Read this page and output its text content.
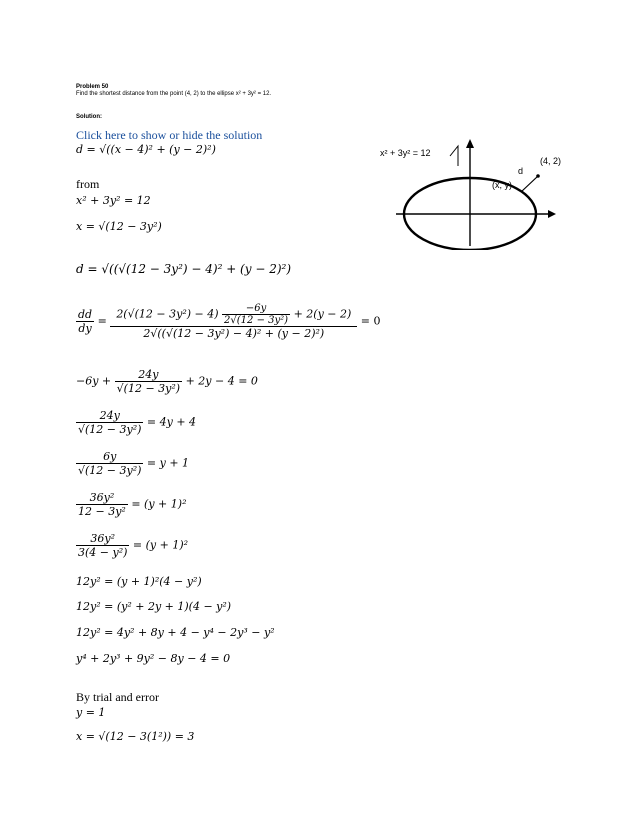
Problem 50
Find the shortest distance from the point (4, 2) to the ellipse x² + 3y² = 12.
Solution:
Click here to show or hide the solution
x² + 3y² = 12
(4, 2)
(x, y)
d
d = √((x − 4)² + (y − 2)²)
from
x² + 3y² = 12
x = √(12 − 3y²)
d = √((√(12 − 3y²) − 4)² + (y − 2)²)
$\frac{dd}{dy} = \frac{2(√(12 - 3y^2) - 4) \frac{-6y}{\text{2√(12 − 3y²)}} + 2(y - 2)}{\text{2√((√(12 − 3y²) − 4)² + (y − 2)²)}} = 0$
$-6y + \frac{24y}{\text{√(12 − 3y²)}} + 2y - 4 = 0$
$\frac{24y}{\text{√(12 − 3y²)}} = 4y + 4$
$\frac{6y}{\text{√(12 − 3y²)}} = y + 1$
$\frac{\text{36y²}}{\text{12 − 3y²}} = (y + 1)^2$
$\frac{\text{36y²}}{\text{3(4 − y²)}} = (y + 1)^2$
12y² = (y + 1)²(4 − y²)
12y² = (y² + 2y + 1)(4 − y²)
12y² = 4y² + 8y + 4 − y⁴ − 2y³ − y²
y⁴ + 2y³ + 9y² − 8y − 4 = 0
By trial and error
y = 1
x = √(12 − 3(1²)) = 3
